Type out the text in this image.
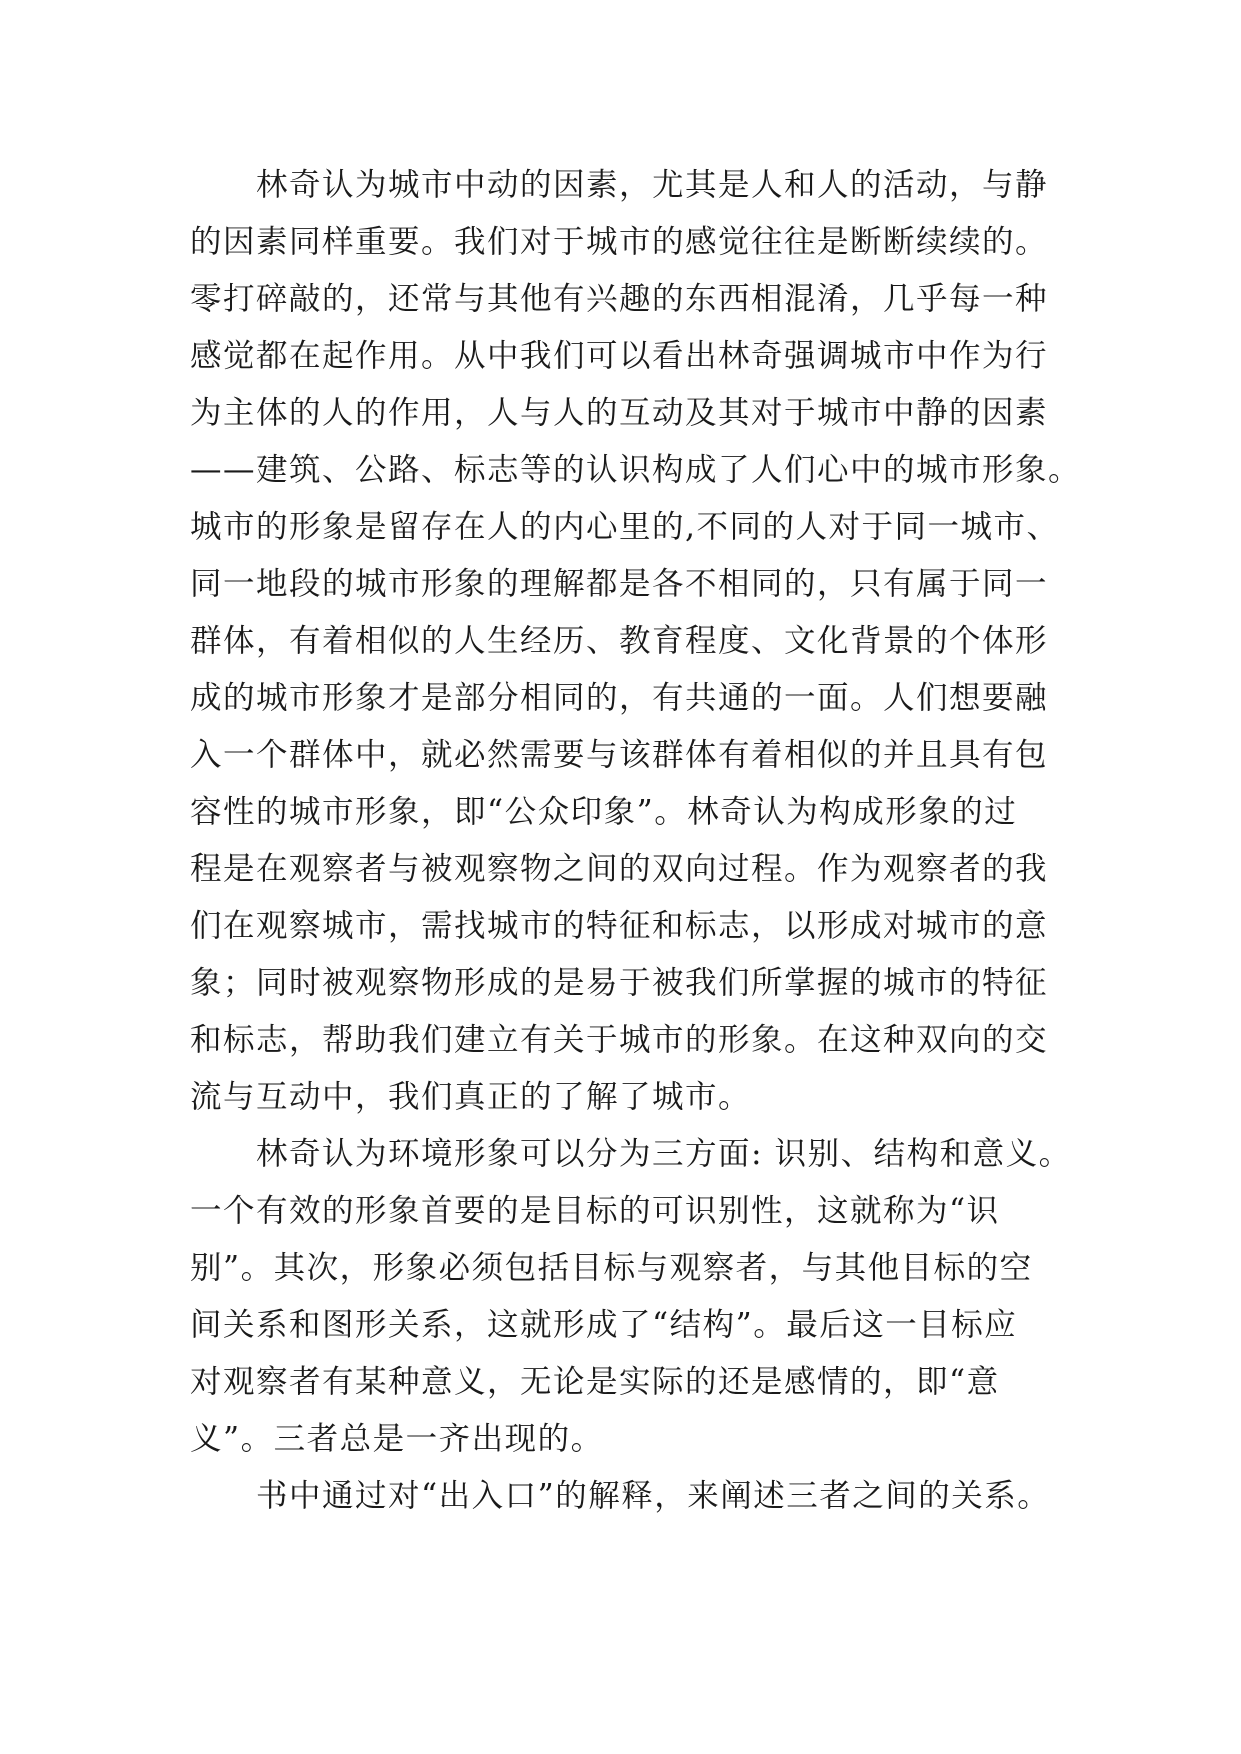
林奇认为城市中动的因素，尤其是人和人的活动，与静
的因素同样重要。我们对于城市的感觉往往是断断续续的。
零打碎敲的，还常与其他有兴趣的东西相混淆，几乎每一种
感觉都在起作用。从中我们可以看出林奇强调城市中作为行
为主体的人的作用，人与人的互动及其对于城市中静的因素
——建筑、公路、标志等的认识构成了人们心中的城市形象。
城市的形象是留存在人的内心里的,不同的人对于同一城市、
同一地段的城市形象的理解都是各不相同的，只有属于同一
群体，有着相似的人生经历、教育程度、文化背景的个体形
成的城市形象才是部分相同的，有共通的一面。人们想要融
入一个群体中，就必然需要与该群体有着相似的并且具有包
容性的城市形象，即“公众印象”。林奇认为构成形象的过
程是在观察者与被观察物之间的双向过程。作为观察者的我
们在观察城市，需找城市的特征和标志，以形成对城市的意
象；同时被观察物形成的是易于被我们所掌握的城市的特征
和标志，帮助我们建立有关于城市的形象。在这种双向的交
流与互动中，我们真正的了解了城市。
林奇认为环境形象可以分为三方面: 识别、结构和意义。
一个有效的形象首要的是目标的可识别性，这就称为“识
别”。其次，形象必须包括目标与观察者，与其他目标的空
间关系和图形关系，这就形成了“结构”。最后这一目标应
对观察者有某种意义，无论是实际的还是感情的，即“意
义”。三者总是一齐出现的。
书中通过对“出入口”的解释，来阐述三者之间的关系。
